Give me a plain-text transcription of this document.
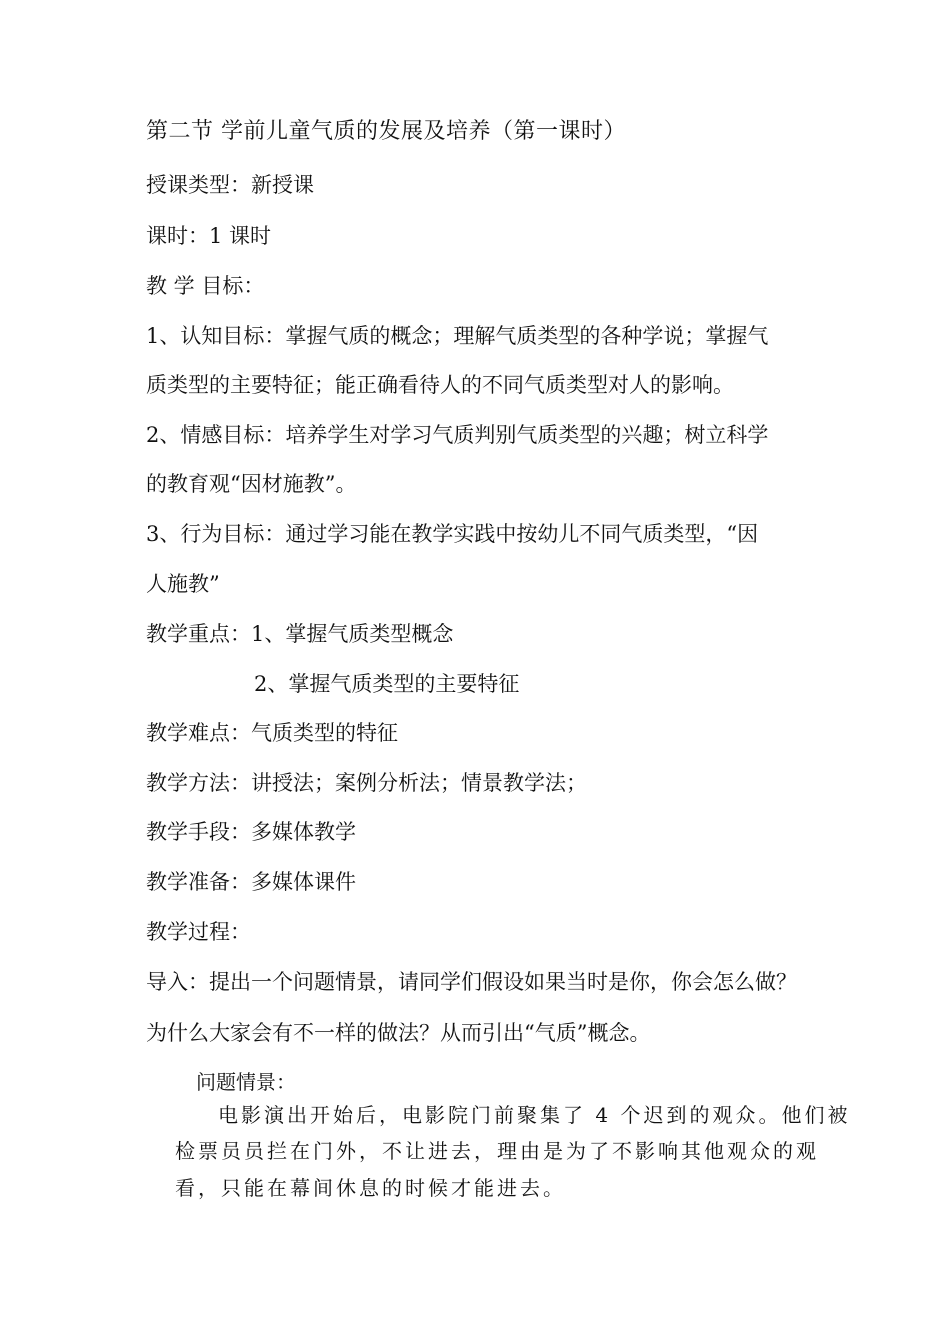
第二节 学前儿童气质的发展及培养（第一课时）
授课类型：新授课
课时：1 课时
教 学 目标：
1、认知目标：掌握气质的概念；理解气质类型的各种学说；掌握气
质类型的主要特征；能正确看待人的不同气质类型对人的影响。
2、情感目标：培养学生对学习气质判别气质类型的兴趣；树立科学
的教育观“因材施教”。
3、行为目标：通过学习能在教学实践中按幼儿不同气质类型，“因
人施教”
教学重点：1、掌握气质类型概念
2、掌握气质类型的主要特征
教学难点：气质类型的特征
教学方法：讲授法；案例分析法；情景教学法；
教学手段：多媒体教学
教学准备：多媒体课件
教学过程：
导入：提出一个问题情景，请同学们假设如果当时是你，你会怎么做？
为什么大家会有不一样的做法？从而引出“气质”概念。
问题情景：
电影演出开始后，电影院门前聚集了 4 个迟到的观众。他们被
检票员员拦在门外，不让进去，理由是为了不影响其他观众的观
看，只能在幕间休息的时候才能进去。
